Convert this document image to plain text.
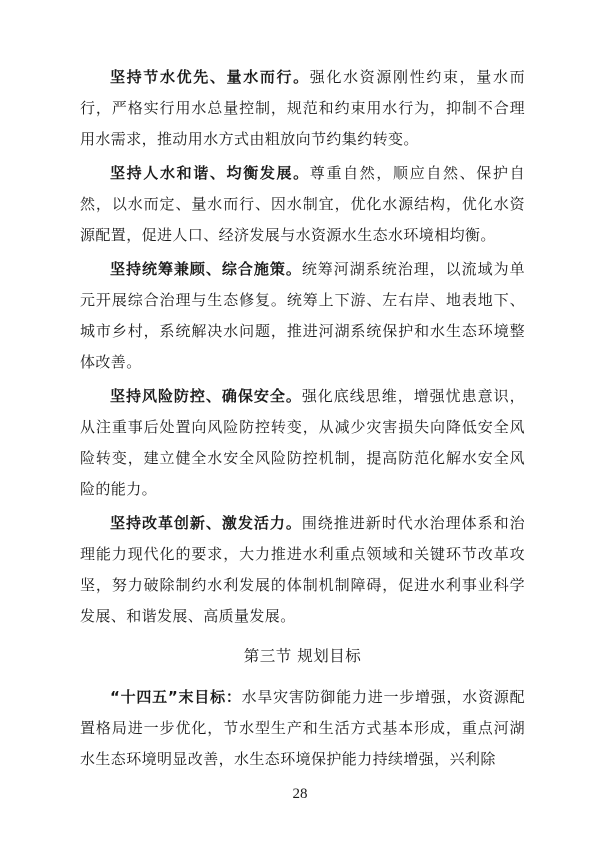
坚持节水优先、量水而行。强化水资源刚性约束，量水而行，严格实行用水总量控制，规范和约束用水行为，抑制不合理用水需求，推动用水方式由粗放向节约集约转变。

坚持人水和谐、均衡发展。尊重自然，顺应自然、保护自然，以水而定、量水而行、因水制宜，优化水源结构，优化水资源配置，促进人口、经济发展与水资源水生态水环境相均衡。

坚持统筹兼顾、综合施策。统筹河湖系统治理，以流域为单元开展综合治理与生态修复。统筹上下游、左右岸、地表地下、城市乡村，系统解决水问题，推进河湖系统保护和水生态环境整体改善。

坚持风险防控、确保安全。强化底线思维，增强忧患意识，从注重事后处置向风险防控转变，从减少灾害损失向降低安全风险转变，建立健全水安全风险防控机制，提高防范化解水安全风险的能力。

坚持改革创新、激发活力。围绕推进新时代水治理体系和治理能力现代化的要求，大力推进水利重点领域和关键环节改革攻坚，努力破除制约水利发展的体制机制障碍，促进水利事业科学发展、和谐发展、高质量发展。

第三节 规划目标

“十四五”末目标：水旱灾害防御能力进一步增强，水资源配置格局进一步优化，节水型生产和生活方式基本形成，重点河湖水生态环境明显改善，水生态环境保护能力持续增强，兴利除

28
